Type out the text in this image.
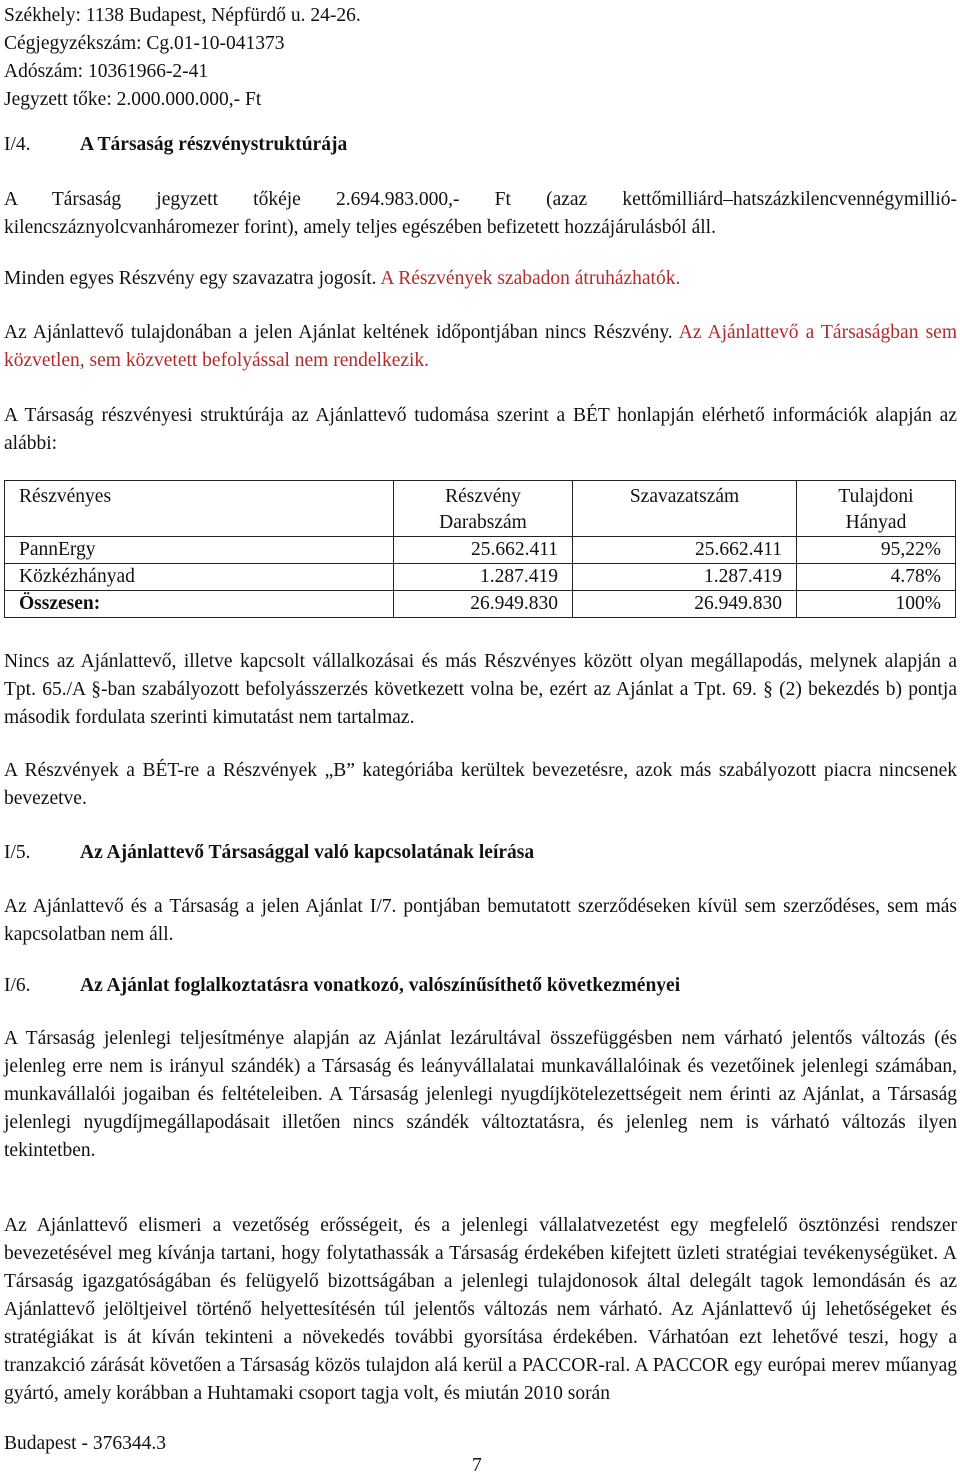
Székhely: 1138 Budapest, Népfürdő u. 24-26.
Cégjegyzékszám: Cg.01-10-041373
Adószám: 10361966-2-41
Jegyzett tőke: 2.000.000.000,- Ft
I/4.	A Társaság részvénystruktúrája
A Társaság jegyzett tőkéje 2.694.983.000,- Ft (azaz kettőmilliárd–hatszázkilencvennégymillió-kilencszáznyolcvanháromezer forint), amely teljes egészében befizetett hozzájárulásból áll.
Minden egyes Részvény egy szavazatra jogosít. A Részvények szabadon átruházhatók.
Az Ajánlattevő tulajdonában a jelen Ajánlat keltének időpontjában nincs Részvény. Az Ajánlattevő a Társaságban sem közvetlen, sem közvetett befolyással nem rendelkezik.
A Társaság részvényesi struktúrája az Ajánlattevő tudomása szerint a BÉT honlapján elérhető információk alapján az alábbi:
Részvényes	Részvény Darabszám	Szavazatszám	Tulajdoni Hányad
PannErgy	25.662.411	25.662.411	95,22%
Közkézhányad	1.287.419	1.287.419	4.78%
Összesen:	26.949.830	26.949.830	100%
Nincs az Ajánlattevő, illetve kapcsolt vállalkozásai és más Részvényes között olyan megállapodás, melynek alapján a Tpt. 65./A §-ban szabályozott befolyásszerzés következett volna be, ezért az Ajánlat a Tpt. 69. § (2) bekezdés b) pontja második fordulata szerinti kimutatást nem tartalmaz.
A Részvények a BÉT-re a Részvények „B” kategóriába kerültek bevezetésre, azok más szabályozott piacra nincsenek bevezetve.
I/5.	Az Ajánlattevő Társasággal való kapcsolatának leírása
Az Ajánlattevő és a Társaság a jelen Ajánlat I/7. pontjában bemutatott szerződéseken kívül sem szerződéses, sem más kapcsolatban nem áll.
I/6.	Az Ajánlat foglalkoztatásra vonatkozó, valószínűsíthető következményei
A Társaság jelenlegi teljesítménye alapján az Ajánlat lezárultával összefüggésben nem várható jelentős változás (és jelenleg erre nem is irányul szándék) a Társaság és leányvállalatai munkavállalóinak és vezetőinek jelenlegi számában, munkavállalói jogaiban és feltételeiben. A Társaság jelenlegi nyugdíjkötelezettségeit nem érinti az Ajánlat, a Társaság jelenlegi nyugdíjmegállapodásait illetően nincs szándék változtatásra, és jelenleg nem is várható változás ilyen tekintetben.
Az Ajánlattevő elismeri a vezetőség erősségeit, és a jelenlegi vállalatvezetést egy megfelelő ösztönzési rendszer bevezetésével meg kívánja tartani, hogy folytathassák a Társaság érdekében kifejtett üzleti stratégiai tevékenységüket. A Társaság igazgatóságában és felügyelő bizottságában a jelenlegi tulajdonosok által delegált tagok lemondásán és az Ajánlattevő jelöltjeivel történő helyettesítésén túl jelentős változás nem várható. Az Ajánlattevő új lehetőségeket és stratégiákat is át kíván tekinteni a növekedés további gyorsítása érdekében. Várhatóan ezt lehetővé teszi, hogy a tranzakció zárását követően a Társaság közös tulajdon alá kerül a PACCOR-ral. A PACCOR egy európai merev műanyag gyártó, amely korábban a Huhtamaki csoport tagja volt, és miután 2010 során
Budapest - 376344.3
7
